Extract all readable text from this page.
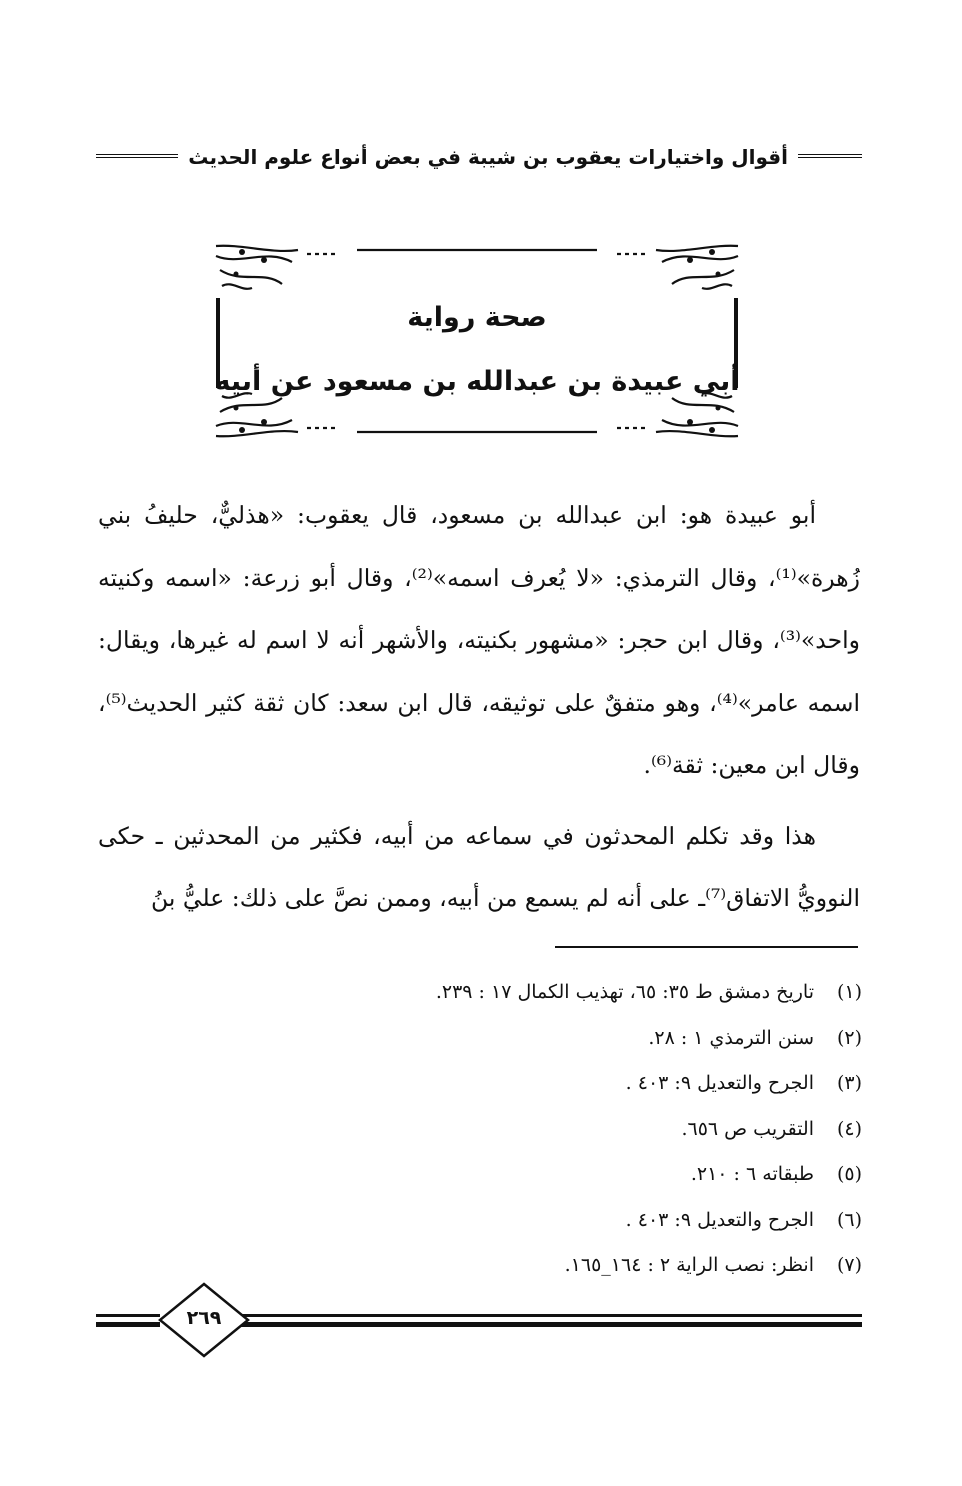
أقوال واختيارات يعقوب بن شيبة في بعض أنواع علوم الحديث
صحة رواية
أبي عبيدة بن عبدالله بن مسعود عن أبيه

أبو عبيدة هو: ابن عبدالله بن مسعود، قال يعقوب: «هذليٌّ، حليفُ بني زُهرة»⁽¹⁾، وقال الترمذي: «لا يُعرف اسمه»⁽²⁾، وقال أبو زرعة: «اسمه وكنيته واحد»⁽³⁾، وقال ابن حجر: «مشهور بكنيته، والأشهر أنه لا اسم له غيرها، ويقال: اسمه عامر»⁽⁴⁾، وهو متفقٌ على توثيقه، قال ابن سعد: كان ثقة كثير الحديث⁽⁵⁾، وقال ابن معين: ثقة⁽⁶⁾.

هذا وقد تكلم المحدثون في سماعه من أبيه، فكثير من المحدثين ـ حكى النوويُّ الاتفاق⁽⁷⁾ـ على أنه لم يسمع من أبيه، وممن نصَّ على ذلك: عليُّ بنُ

(١)
تاريخ دمشق ط ٣٥: ٦٥، تهذيب الكمال ١٧ : ٢٣٩.
(٢)
سنن الترمذي ١ : ٢٨.
(٣)
الجرح والتعديل ٩: ٤٠٣ .
(٤)
التقريب ص ٦٥٦.
(٥)
طبقاته ٦ : ٢١٠.
(٦)
الجرح والتعديل ٩: ٤٠٣ .
(٧)
انظر: نصب الراية ٢ : ١٦٤_١٦٥.
٢٦٩
